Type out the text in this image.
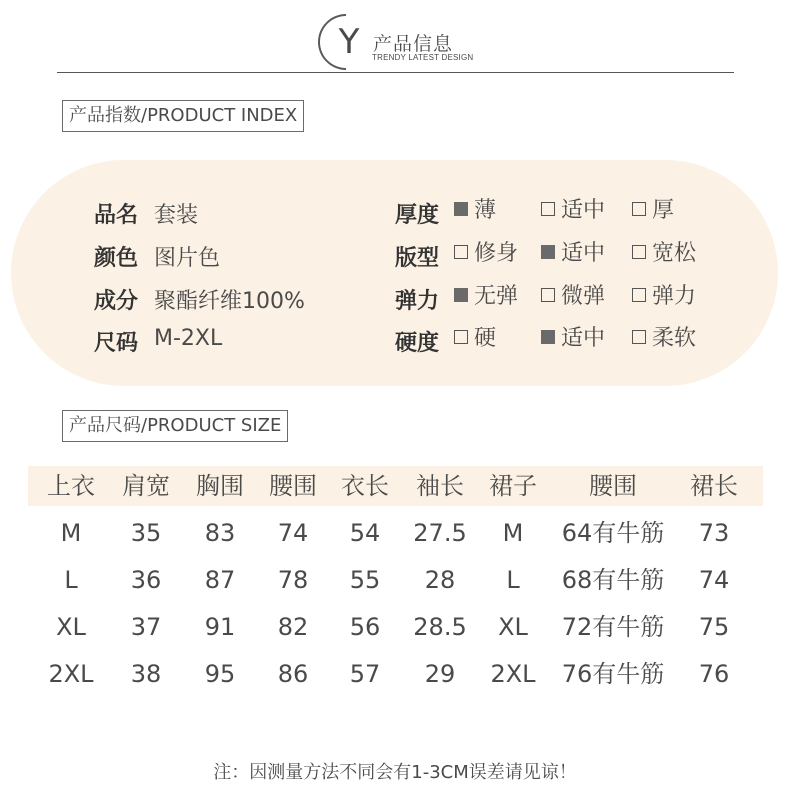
Y 产品信息
TRENDY LATEST DESIGN
产品指数/PRODUCT INDEX
品名 套装
颜色 图片色
成分 聚酯纤维100%
尺码 M-2XL
厚度	薄	适中	厚
版型	修身	适中	宽松
弹力	无弹	微弹	弹力
硬度	硬	适中	柔软
产品尺码/PRODUCT SIZE
上衣	肩宽	胸围	腰围	衣长	袖长	裙子	腰围	裙长
M	35	83	74	54	27.5	M	64有牛筋	73
L	36	87	78	55	28	L	68有牛筋	74
XL	37	91	82	56	28.5	XL	72有牛筋	75
2XL	38	95	86	57	29	2XL	76有牛筋	76
注：因测量方法不同会有1-3CM误差请见谅！
